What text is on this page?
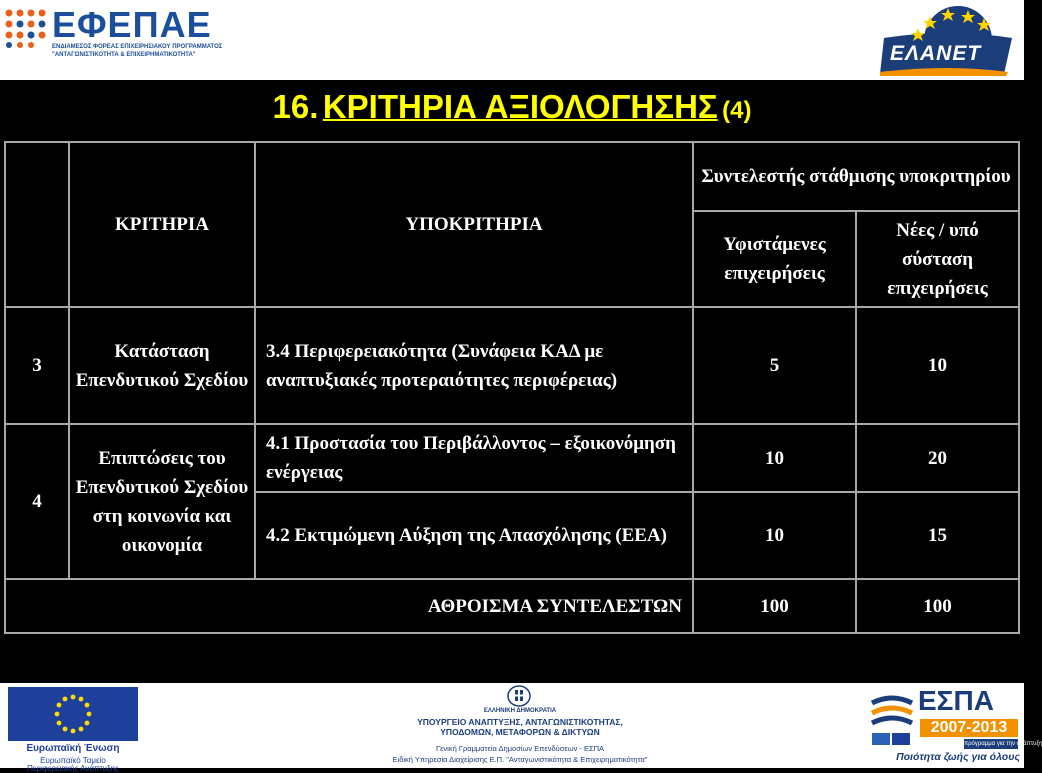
ΕΦΕΠΑΕ
ΕΝΔΙΑΜΕΣΟΣ ΦΟΡΕΑΣ ΕΠΙΧΕΙΡΗΣΙΑΚΟΥ ΠΡΟΓΡΑΜΜΑΤΟΣ
"ΑΝΤΑΓΩΝΙΣΤΙΚΟΤΗΤΑ & ΕΠΙΧΕΙΡΗΜΑΤΙΚΟΤΗΤΑ"	ΕΛΑΝΕΤ
16. ΚΡΙΤΗΡΙΑ ΑΞΙΟΛΟΓΗΣΗΣ (4)
	ΚΡΙΤΗΡΙΑ	ΥΠΟΚΡΙΤΗΡΙΑ	Συντελεστής στάθμισης υποκριτηρίου	
			Υφιστάμενες επιχειρήσεις	Νέες / υπό σύσταση επιχειρήσεις
3	Κατάσταση Επενδυτικού Σχεδίου	3.4 Περιφερειακότητα (Συνάφεια ΚΑΔ με αναπτυξιακές προτεραιότητες περιφέρειας)	5	10
4	Επιπτώσεις του Επενδυτικού Σχεδίου στη κοινωνία και οικονομία	4.1 Προστασία του Περιβάλλοντος – εξοικονόμηση ενέργειας	10	20
		4.2 Εκτιμώμενη Αύξηση της Απασχόλησης (ΕΕΑ)	10	15
ΑΘΡΟΙΣΜΑ ΣΥΝΤΕΛΕΣΤΩΝ			100	100
Ευρωπαϊκή Ένωση
Ευρωπαϊκό Ταμείο
Περιφερειακής Ανάπτυξης
ΕΛΛΗΝΙΚΗ ΔΗΜΟΚΡΑΤΙΑ
ΥΠΟΥΡΓΕΙΟ ΑΝΑΠΤΥΞΗΣ, ΑΝΤΑΓΩΝΙΣΤΙΚΟΤΗΤΑΣ,
ΥΠΟΔΟΜΩΝ, ΜΕΤΑΦΟΡΩΝ & ΔΙΚΤΥΩΝ
Γενική Γραμματεία Δημοσίων Επενδύσεων - ΕΣΠΑ
Ειδική Υπηρεσία Διαχείρισης Ε.Π. "Ανταγωνιστικότητα & Επιχειρηματικότητα"
ΕΣΠΑ
2007-2013
πρόγραμμα για την ανάπτυξη
Ποιότητα ζωής για όλους
